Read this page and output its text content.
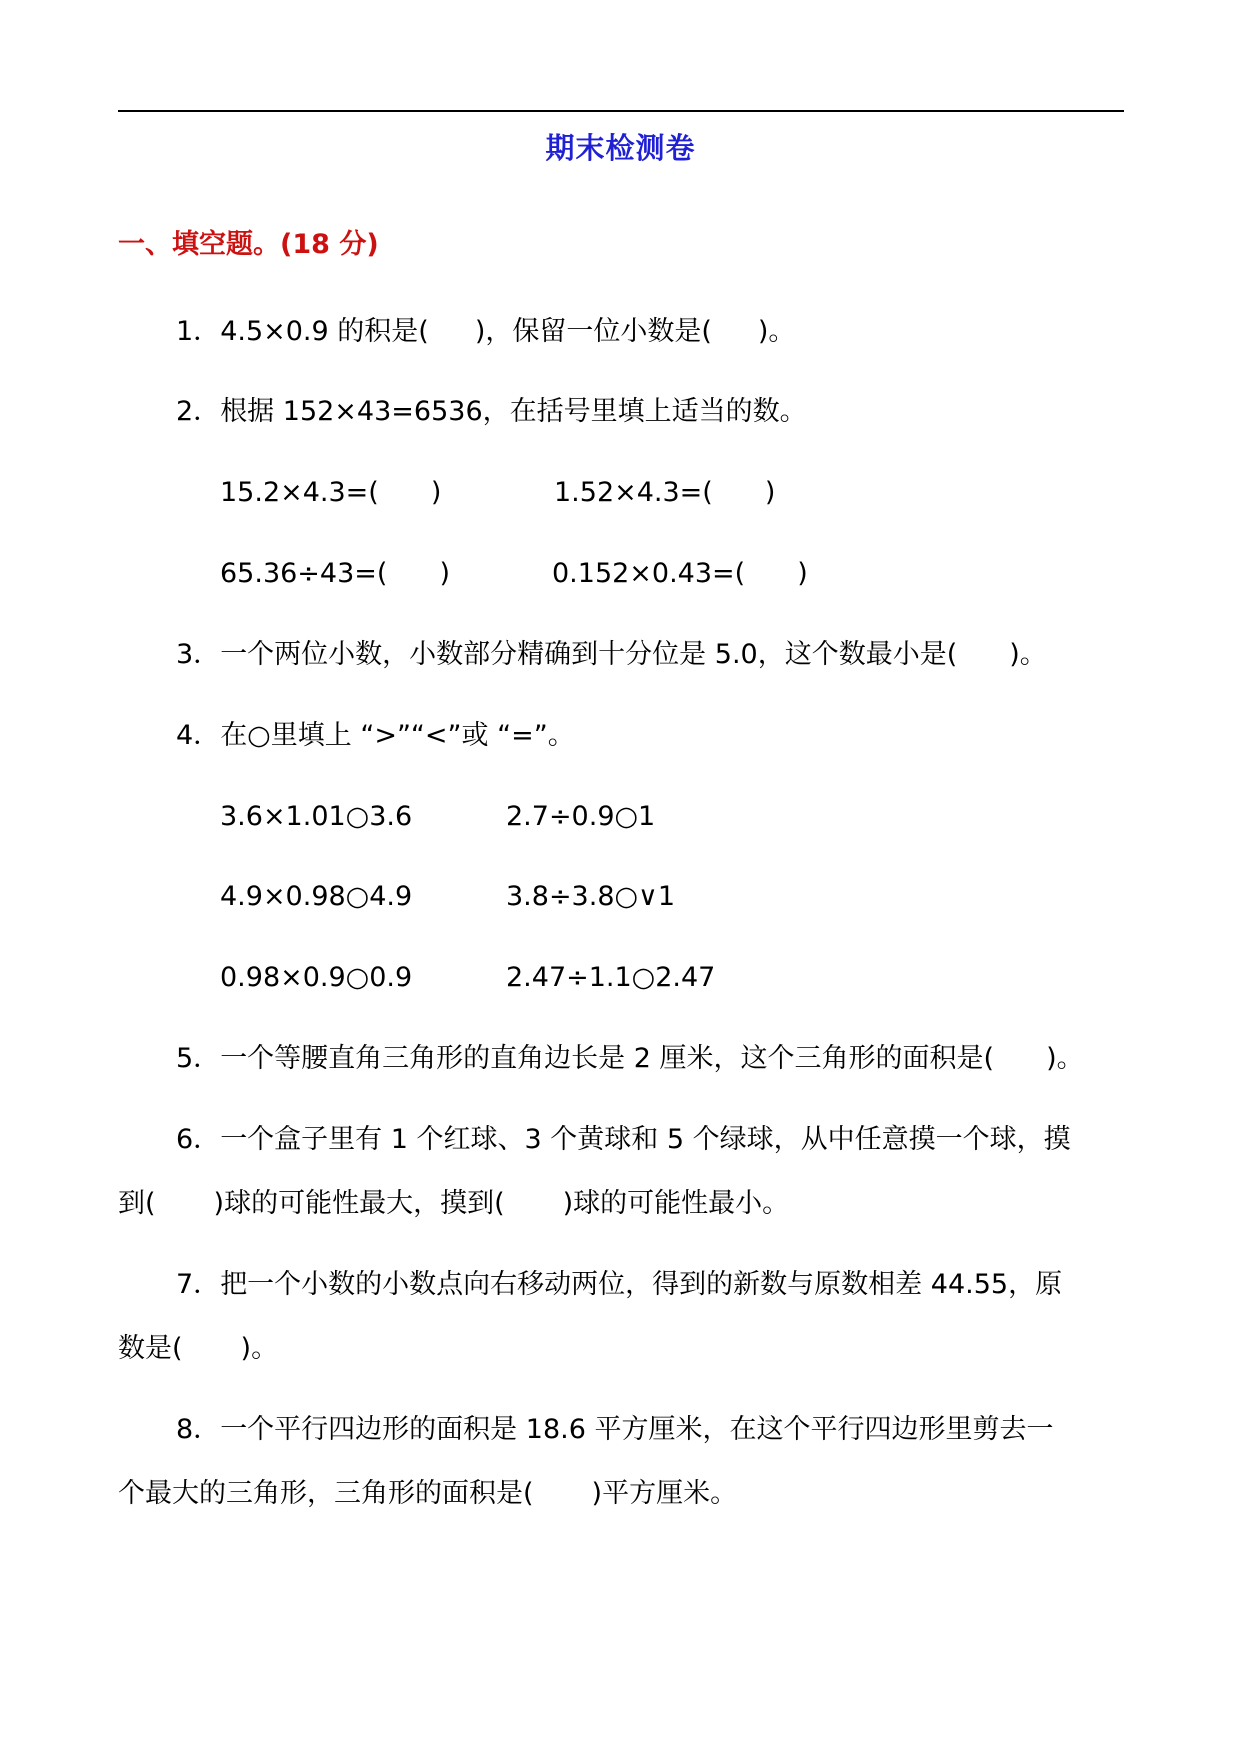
期末检测卷
一、填空题。(18 分)
1．4.5×0.9 的积是( )，保留一位小数是( )。
2．根据 152×43=6536，在括号里填上适当的数。
15.2×4.3=( )	1.52×4.3=( )
65.36÷43=( )	0.152×0.43=( )
3．一个两位小数，小数部分精确到十分位是 5.0，这个数最小是( )。
4．在○里填上 “>”“<”或 “=”。
3.6×1.01○3.6	2.7÷0.9○1
4.9×0.98○4.9	3.8÷3.8○∨1
0.98×0.9○0.9	2.47÷1.1○2.47
5．一个等腰直角三角形的直角边长是 2 厘米，这个三角形的面积是( )。
6．一个盒子里有 1 个红球、3 个黄球和 5 个绿球，从中任意摸一个球，摸
到( )球的可能性最大，摸到( )球的可能性最小。
7．把一个小数的小数点向右移动两位，得到的新数与原数相差 44.55，原
数是( )。
8．一个平行四边形的面积是 18.6 平方厘米，在这个平行四边形里剪去一
个最大的三角形，三角形的面积是( )平方厘米。
